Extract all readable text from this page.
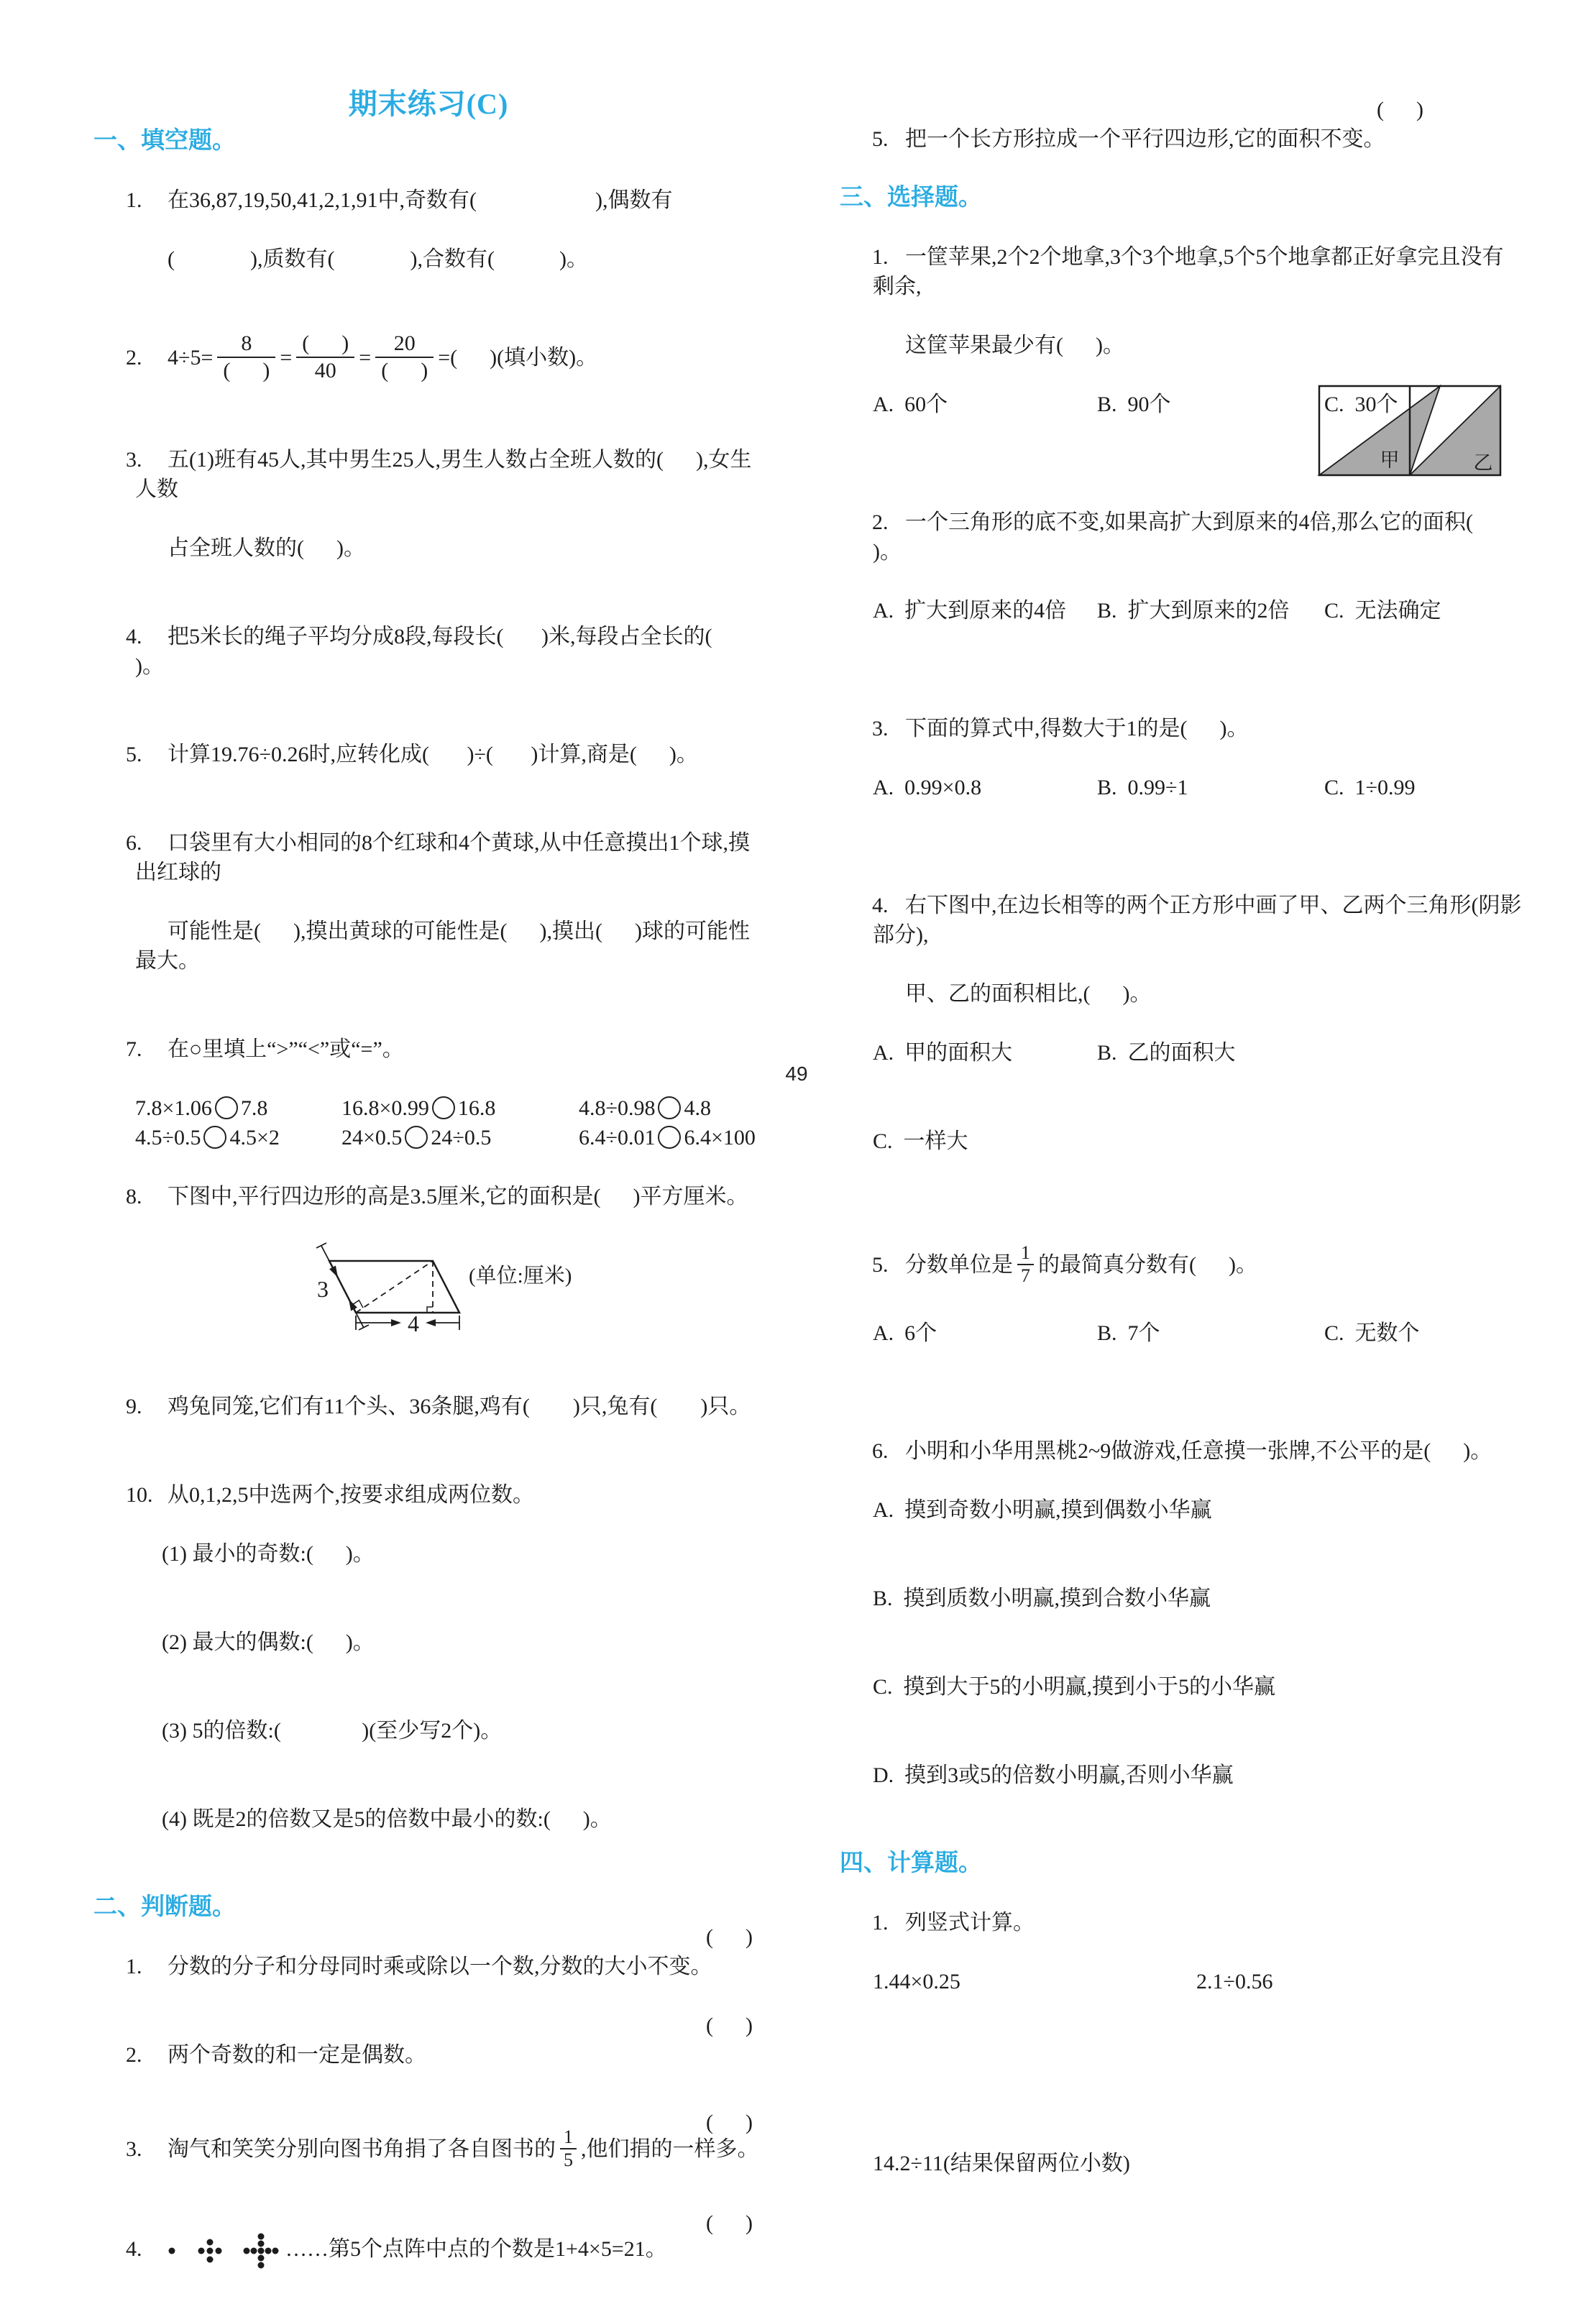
期末练习(C)
一、填空题。

1. 在36,87,19,50,41,2,1,91中,奇数有(                      ),偶数有

(              ),质数有(              ),合数有(            )。

2. $4\div 5= \frac{8}{( )} = \frac{( )}{40} = \frac{20}{( )}$ =(      )(填小数)。

3. 五(1)班有45人,其中男生25人,男生人数占全班人数的(      ),女生人数

占全班人数的(      )。

4. 把5米长的绳子平均分成8段,每段长(       )米,每段占全长的(      )。

5. 计算19.76÷0.26时,应转化成(       )÷(       )计算,商是(      )。

6. 口袋里有大小相同的8个红球和4个黄球,从中任意摸出1个球,摸出红球的

可能性是(      ),摸出黄球的可能性是(      ),摸出(      )球的可能性最大。

7. 在○里填上“>”“<”或“=”。

7.8×1.06 7.8	16.8×0.99 16.8	4.8÷0.98 4.8
4.5÷0.5 4.5×2	24×0.5 24÷0.5	6.4÷0.01 6.4×100

8. 下图中,平行四边形的高是3.5厘米,它的面积是(      )平方厘米。

3
4
(单位:厘米)

9. 鸡兔同笼,它们有11个头、36条腿,鸡有(        )只,兔有(        )只。

10. 从0,1,2,5中选两个,按要求组成两位数。

(1) 最小的奇数:(      )。

(2) 最大的偶数:(      )。

(3) 5的倍数:(               )(至少写2个)。

(4) 既是2的倍数又是5的倍数中最小的数:(      )。

二、判断题。

1. 分数的分子和分母同时乘或除以一个数,分数的大小不变。
(      )

2. 两个奇数的和一定是偶数。
(      )

3. 淘气和笑笑分别向图书角捐了各自图书的 $\frac{1}{5}$ ,他们捐的一样多。
(      )

4.	……第5个点阵中点的个数是1+4×5=21。
(      )

5. 把一个长方形拉成一个平行四边形,它的面积不变。
(      )

三、选择题。

1. 一筐苹果,2个2个地拿,3个3个地拿,5个5个地拿都正好拿完且没有剩余,

这筐苹果最少有(      )。

A.  60个	B.  90个	C.  30个

2. 一个三角形的底不变,如果高扩大到原来的4倍,那么它的面积(      )。

A.  扩大到原来的4倍	B.  扩大到原来的2倍	C.  无法确定

3. 下面的算式中,得数大于1的是(      )。

A.  0.99×0.8	B.  0.99÷1	C.  1÷0.99

4. 右下图中,在边长相等的两个正方形中画了甲、乙两个三角形(阴影部分),

甲、乙的面积相比,(      )。

A.  甲的面积大	B.  乙的面积大

C.  一样大

甲	乙

5. 分数单位是 $\frac{1}{7}$ 的最简真分数有(      )。

A.  6个	B.  7个	C.  无数个

6. 小明和小华用黑桃2~9做游戏,任意摸一张牌,不公平的是(      )。

A.  摸到奇数小明赢,摸到偶数小华赢

B.  摸到质数小明赢,摸到合数小华赢

C.  摸到大于5的小明赢,摸到小于5的小华赢

D.  摸到3或5的倍数小明赢,否则小华赢

四、计算题。

1. 列竖式计算。

1.44×0.25	2.1÷0.56

14.2÷11(结果保留两位小数)

49
